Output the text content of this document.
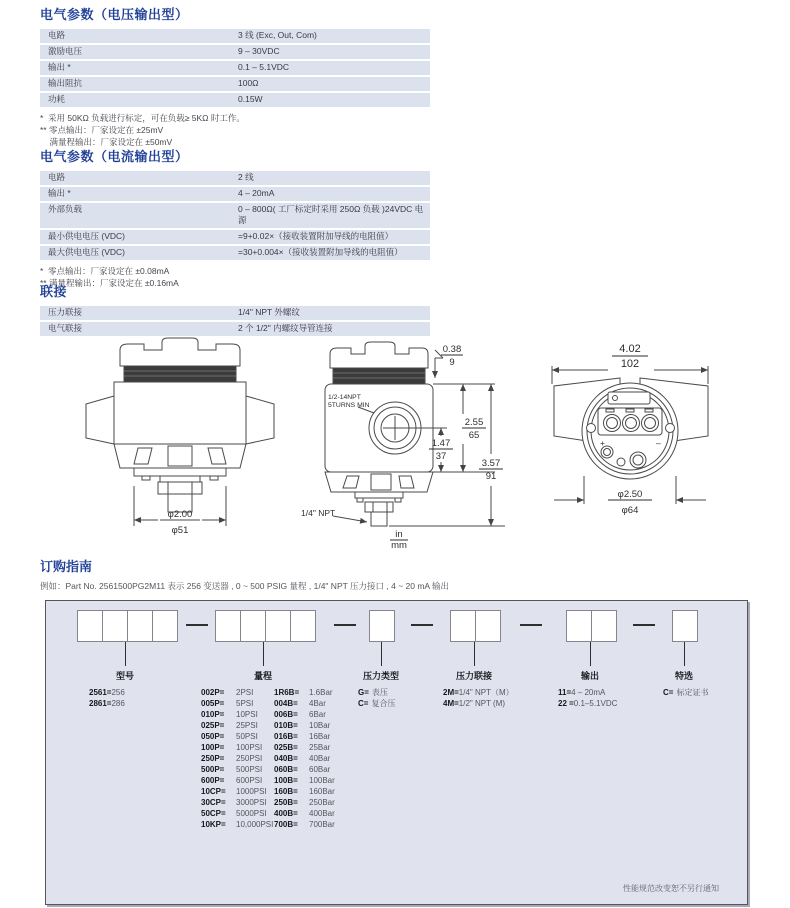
电气参数（电压输出型）
电路	3 线 (Exc, Out, Com)
激励电压	9 – 30VDC
输出 *	0.1 – 5.1VDC
输出阻抗	100Ω
功耗	0.15W
*  采用 50KΩ 负载进行标定，可在负载≥ 5KΩ 时工作。
** 零点输出：厂家设定在 ±25mV
满量程输出：厂家设定在 ±50mV
电气参数（电流输出型）
电路	2 线
输出 *	4 – 20mA
外部负载	0 – 800Ω( 工厂标定时采用 250Ω 负载 )24VDC 电源
最小供电电压 (VDC)	=9+0.02×（接收装置附加导线的电阻值）
最大供电电压 (VDC)	=30+0.004×（接收装置附加导线的电阻值）
*  零点输出：厂家设定在 ±0.08mA
** 满量程输出：厂家设定在 ±0.16mA
联接
压力联接	1/4" NPT 外螺纹
电气联接	2 个 1/2" 内螺纹导管连接
φ2.00
φ51
0.38
9
1/2-14NPT
5TURNS MIN
2.55
65
1.47
37
3.57
91
1/4" NPT
in
mm
4.02
102
+	–
φ2.50
φ64
订购指南
例如：Part No. 2561500PG2M11 表示 256 变送器 , 0 ~ 500 PSIG 量程 , 1/4" NPT 压力接口 , 4 ~ 20 mA 输出
型号	量程	压力类型	压力联接	输出	特选
2561=256
2861=286
002P= 2PSI
005P= 5PSI
010P= 10PSI
025P= 25PSI
050P= 50PSI
100P= 100PSI
250P= 250PSI
500P= 500PSI
600P= 600PSI
10CP= 1000PSI
30CP= 3000PSI
50CP= 5000PSI
10KP= 10,000PSI
1R6B= 1.6Bar
004B= 4Bar
006B= 6Bar
010B= 10Bar
016B= 16Bar
025B= 25Bar
040B= 40Bar
060B= 60Bar
100B= 100Bar
160B= 160Bar
250B= 250Bar
400B= 400Bar
700B= 700Bar
G= 表压
C= 复合压
2M=1/4" NPT（M）
4M=1/2" NPT (M)
11=4 – 20mA
22 =0.1–5.1VDC
C= 标定证书
性能规范改变恕不另行通知
